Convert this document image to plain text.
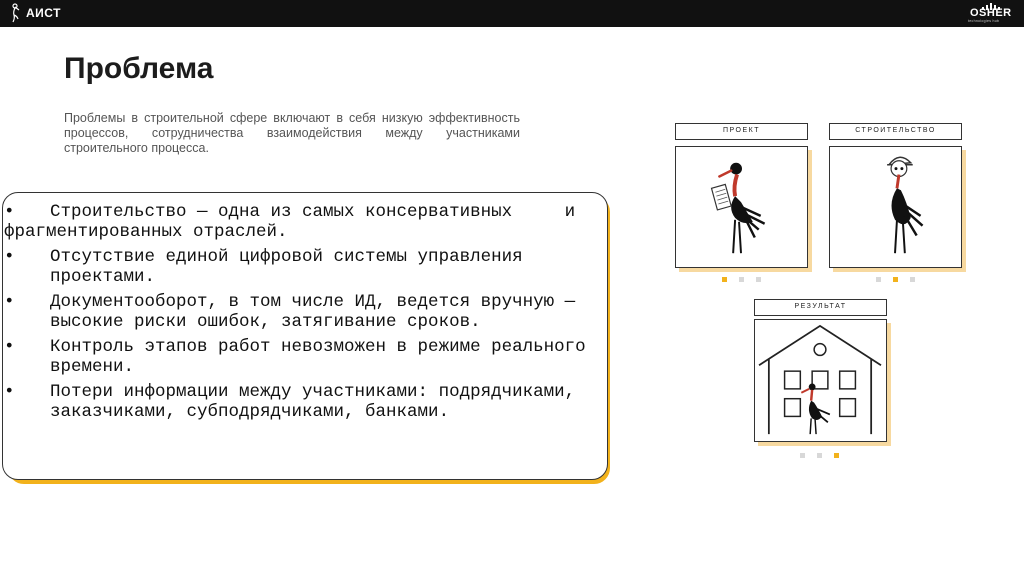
АИСТ	OSHER
technologies hub
Проблема

Проблемы в строительной сфере включают в себя низкую эффективность процессов, сотрудничества взаимодействия между участниками строительного процесса.

• Строительство — одна из самых консервативных     и фрагментированных отраслей.
• Отсутствие единой цифровой системы управления проектами.
• Документооборот, в том числе ИД, ведется вручную — высокие риски ошибок, затягивание сроков.
• Контроль этапов работ невозможен в режиме реального времени.
• Потери информации между участниками: подрядчиками, заказчиками, субподрядчиками, банками.
ПРОЕКТ	СТРОИТЕЛЬСТВО
РЕЗУЛЬТАТ
